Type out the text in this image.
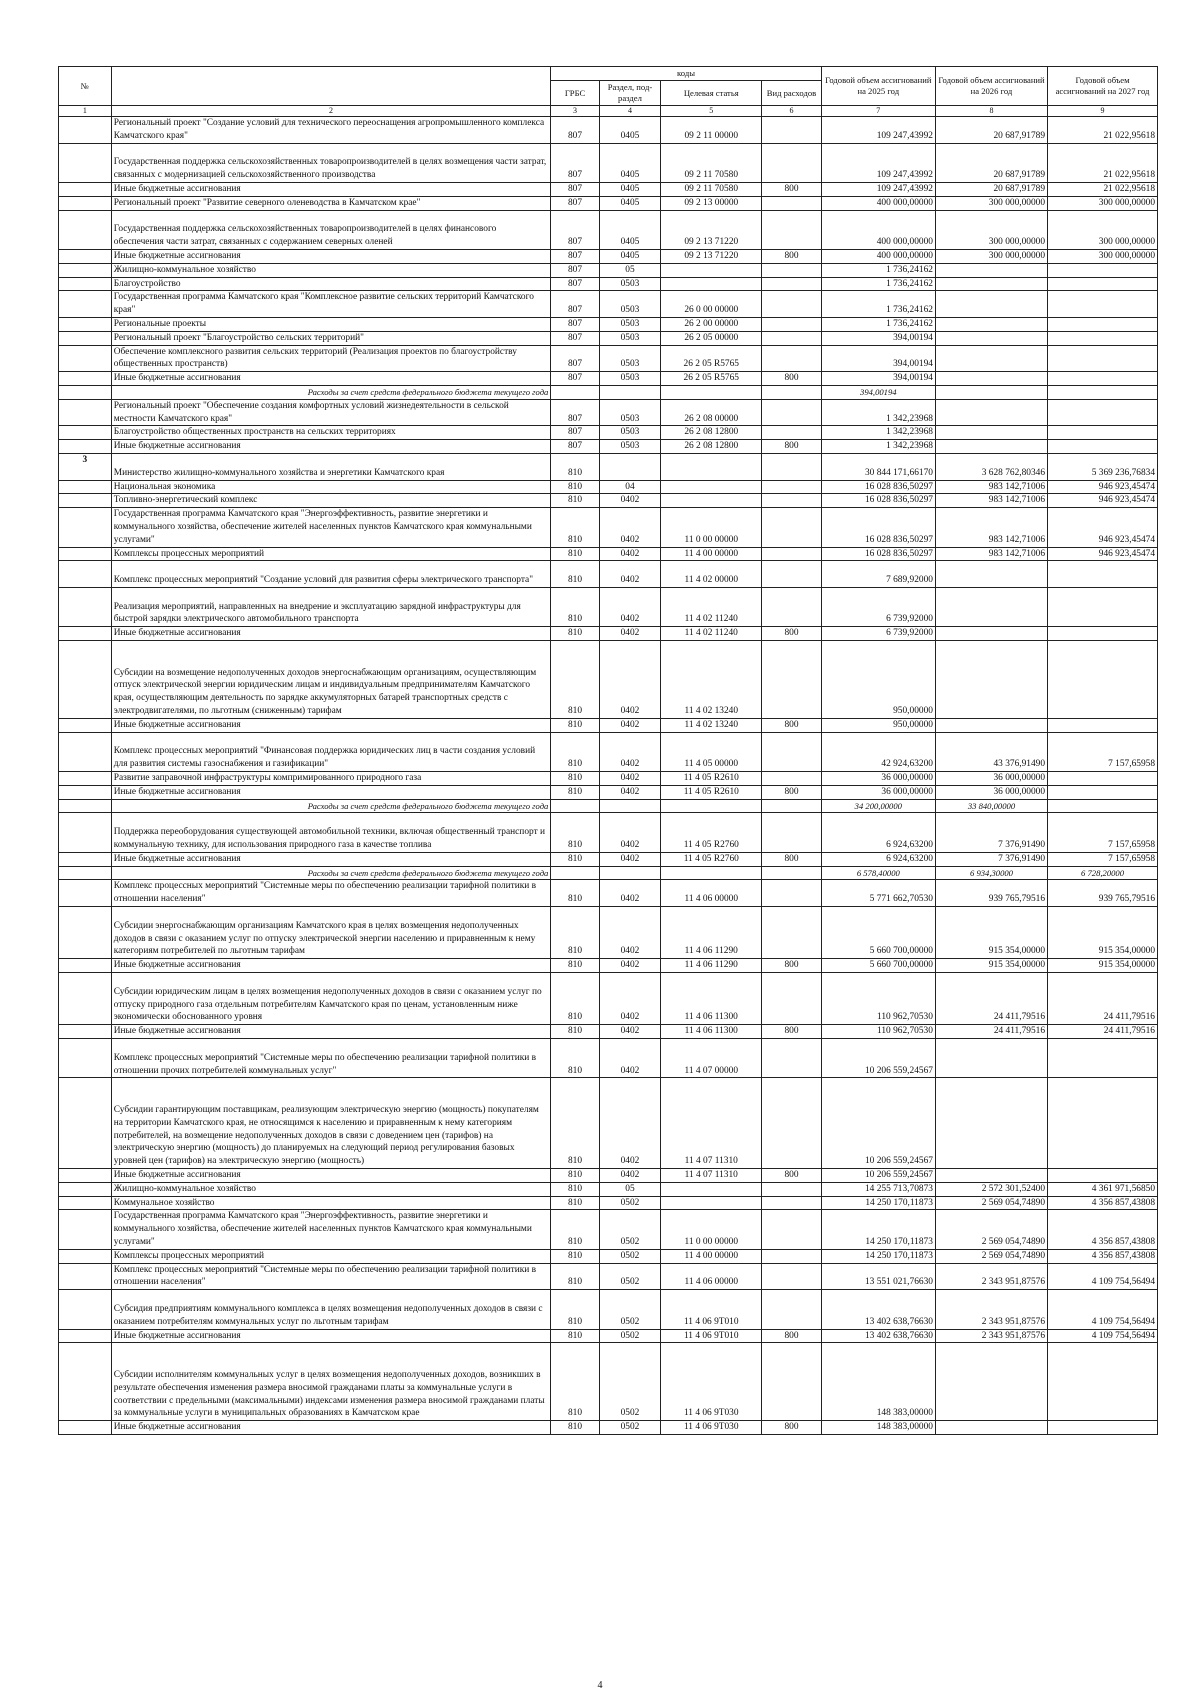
№		коды				Годовой объем ассигнований на 2025 год	Годовой объем ассигнований на 2026 год	Годовой объем ассигнований на 2027 год
		ГРБС	Раздел, под-раздел	Целевая статья	Вид расходов			
1	2	3	4	5	6	7	8	9
	Региональный проект "Создание условий для технического переоснащения агропромышленного комплекса Камчатского края"	807	0405	09 2 11 00000		109 247,43992	20 687,91789	21 022,95618
	Государственная поддержка сельскохозяйственных товаропроизводителей в целях возмещения части затрат, связанных с модернизацией сельскохозяйственного производства	807	0405	09 2 11 70580		109 247,43992	20 687,91789	21 022,95618
	Иные бюджетные ассигнования	807	0405	09 2 11 70580	800	109 247,43992	20 687,91789	21 022,95618
	Региональный проект "Развитие северного оленеводства в Камчатском крае"	807	0405	09 2 13 00000		400 000,00000	300 000,00000	300 000,00000
	Государственная поддержка сельскохозяйственных товаропроизводителей в целях финансового обеспечения части затрат, связанных с содержанием северных оленей	807	0405	09 2 13 71220		400 000,00000	300 000,00000	300 000,00000
	Иные бюджетные ассигнования	807	0405	09 2 13 71220	800	400 000,00000	300 000,00000	300 000,00000
	Жилищно-коммунальное хозяйство	807	05			1 736,24162		
	Благоустройство	807	0503			1 736,24162		
	Государственная программа Камчатского края "Комплексное развитие сельских территорий Камчатского края"	807	0503	26 0 00 00000		1 736,24162		
	Региональные проекты	807	0503	26 2 00 00000		1 736,24162		
	Региональный проект "Благоустройство сельских территорий"	807	0503	26 2 05 00000		394,00194		
	Обеспечение комплексного развития сельских территорий (Реализация проектов по благоустройству общественных пространств)	807	0503	26 2 05 R5765		394,00194		
	Иные бюджетные ассигнования	807	0503	26 2 05 R5765	800	394,00194		
	Расходы за счет средств федерального бюджета текущего года					394,00194		
	Региональный проект "Обеспечение создания комфортных условий жизнедеятельности в сельской местности Камчатского края"	807	0503	26 2 08 00000		1 342,23968		
	Благоустройство общественных пространств на сельских территориях	807	0503	26 2 08 12800		1 342,23968		
	Иные бюджетные ассигнования	807	0503	26 2 08 12800	800	1 342,23968		
3	Министерство жилищно-коммунального хозяйства и энергетики Камчатского края	810				30 844 171,66170	3 628 762,80346	5 369 236,76834
	Национальная экономика	810	04			16 028 836,50297	983 142,71006	946 923,45474
	Топливно-энергетический комплекс	810	0402			16 028 836,50297	983 142,71006	946 923,45474
	Государственная программа Камчатского края "Энергоэффективность, развитие энергетики и коммунального хозяйства, обеспечение жителей населенных пунктов Камчатского края коммунальными услугами"	810	0402	11 0 00 00000		16 028 836,50297	983 142,71006	946 923,45474
	Комплексы процессных мероприятий	810	0402	11 4 00 00000		16 028 836,50297	983 142,71006	946 923,45474
	Комплекс процессных мероприятий "Создание условий для развития сферы электрического транспорта"	810	0402	11 4 02 00000		7 689,92000		
	Реализация мероприятий, направленных на внедрение и эксплуатацию зарядной инфраструктуры для быстрой зарядки электрического автомобильного транспорта	810	0402	11 4 02 11240		6 739,92000		
	Иные бюджетные ассигнования	810	0402	11 4 02 11240	800	6 739,92000		
	Субсидии на возмещение недополученных доходов энергоснабжающим организациям, осуществляющим отпуск электрической энергии юридическим лицам и индивидуальным предпринимателям Камчатского края, осуществляющим деятельность по зарядке аккумуляторных батарей транспортных средств с электродвигателями, по льготным (сниженным) тарифам	810	0402	11 4 02 13240		950,00000		
	Иные бюджетные ассигнования	810	0402	11 4 02 13240	800	950,00000		
	Комплекс процессных мероприятий "Финансовая поддержка юридических лиц в части создания условий для развития системы газоснабжения и газификации"	810	0402	11 4 05 00000		42 924,63200	43 376,91490	7 157,65958
	Развитие заправочной инфраструктуры компримированного природного газа	810	0402	11 4 05 R2610		36 000,00000	36 000,00000	
	Иные бюджетные ассигнования	810	0402	11 4 05 R2610	800	36 000,00000	36 000,00000	
	Расходы за счет средств федерального бюджета текущего года					34 200,00000	33 840,00000	
	Поддержка переоборудования существующей автомобильной техники, включая общественный транспорт и коммунальную технику, для использования природного газа в качестве топлива	810	0402	11 4 05 R2760		6 924,63200	7 376,91490	7 157,65958
	Иные бюджетные ассигнования	810	0402	11 4 05 R2760	800	6 924,63200	7 376,91490	7 157,65958
	Расходы за счет средств федерального бюджета текущего года					6 578,40000	6 934,30000	6 728,20000
	Комплекс процессных мероприятий "Системные меры по обеспечению реализации тарифной политики в отношении населения"	810	0402	11 4 06 00000		5 771 662,70530	939 765,79516	939 765,79516
	Субсидии энергоснабжающим организациям Камчатского края в целях возмещения недополученных доходов в связи с оказанием услуг по отпуску электрической энергии населению и приравненным к нему категориям потребителей по льготным тарифам	810	0402	11 4 06 11290		5 660 700,00000	915 354,00000	915 354,00000
	Иные бюджетные ассигнования	810	0402	11 4 06 11290	800	5 660 700,00000	915 354,00000	915 354,00000
	Субсидии юридическим лицам в целях возмещения недополученных доходов в связи с оказанием услуг по отпуску природного газа отдельным потребителям Камчатского края по ценам, установленным ниже экономически обоснованного уровня	810	0402	11 4 06 11300		110 962,70530	24 411,79516	24 411,79516
	Иные бюджетные ассигнования	810	0402	11 4 06 11300	800	110 962,70530	24 411,79516	24 411,79516
	Комплекс процессных мероприятий "Системные меры по обеспечению реализации тарифной политики в отношении прочих потребителей коммунальных услуг"	810	0402	11 4 07 00000		10 206 559,24567		
	Субсидии гарантирующим поставщикам, реализующим электрическую энергию (мощность) покупателям на территории Камчатского края, не относящимся к населению и приравненным к нему категориям потребителей, на возмещение недополученных доходов в связи с доведением цен (тарифов) на электрическую энергию (мощность) до планируемых на следующий период регулирования базовых уровней цен (тарифов) на электрическую энергию (мощность)	810	0402	11 4 07 11310		10 206 559,24567		
	Иные бюджетные ассигнования	810	0402	11 4 07 11310	800	10 206 559,24567		
	Жилищно-коммунальное хозяйство	810	05			14 255 713,70873	2 572 301,52400	4 361 971,56850
	Коммунальное хозяйство	810	0502			14 250 170,11873	2 569 054,74890	4 356 857,43808
	Государственная программа Камчатского края "Энергоэффективность, развитие энергетики и коммунального хозяйства, обеспечение жителей населенных пунктов Камчатского края коммунальными услугами"	810	0502	11 0 00 00000		14 250 170,11873	2 569 054,74890	4 356 857,43808
	Комплексы процессных мероприятий	810	0502	11 4 00 00000		14 250 170,11873	2 569 054,74890	4 356 857,43808
	Комплекс процессных мероприятий "Системные меры по обеспечению реализации тарифной политики в отношении населения"	810	0502	11 4 06 00000		13 551 021,76630	2 343 951,87576	4 109 754,56494
	Субсидия предприятиям коммунального комплекса в целях возмещения недополученных доходов в связи с оказанием потребителям коммунальных услуг по льготным тарифам	810	0502	11 4 06 9Т010		13 402 638,76630	2 343 951,87576	4 109 754,56494
	Иные бюджетные ассигнования	810	0502	11 4 06 9Т010	800	13 402 638,76630	2 343 951,87576	4 109 754,56494
	Субсидии исполнителям коммунальных услуг в целях возмещения недополученных доходов, возникших в результате обеспечения изменения размера вносимой гражданами платы за коммунальные услуги в соответствии с предельными (максимальными) индексами изменения размера вносимой гражданами платы за коммунальные услуги в муниципальных образованиях в Камчатском крае	810	0502	11 4 06 9Т030		148 383,00000		
	Иные бюджетные ассигнования	810	0502	11 4 06 9Т030	800	148 383,00000		
4
